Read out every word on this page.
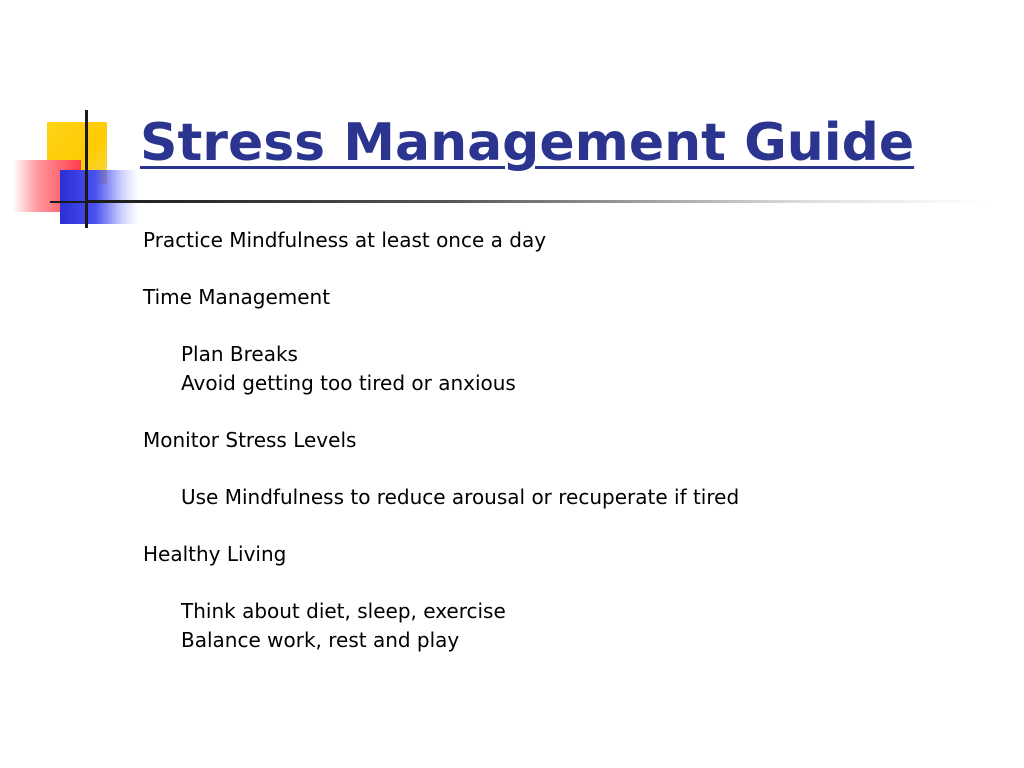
Stress Management Guide
Practice Mindfulness at least once a day
Time Management
Plan Breaks
Avoid getting too tired or anxious
Monitor Stress Levels
Use Mindfulness to reduce arousal or recuperate if tired
Healthy Living
Think about diet, sleep, exercise
Balance work, rest and play
